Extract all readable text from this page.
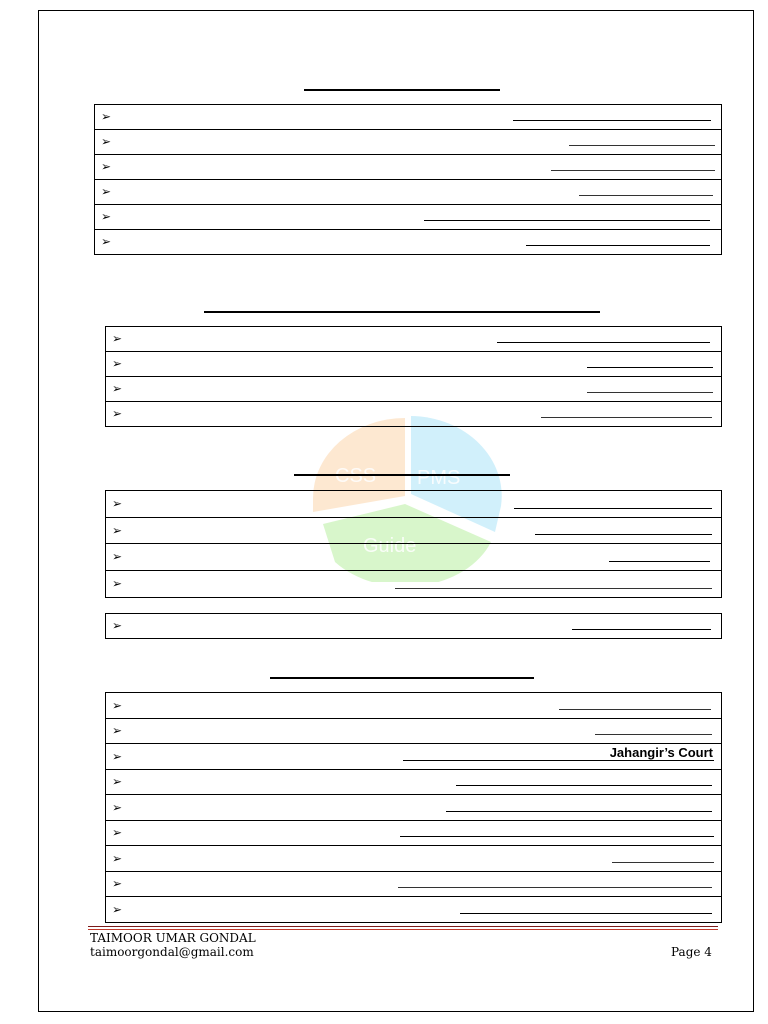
CSS PMS
Guide
➢

➢

➢

➢

➢

➢
➢

➢

➢

➢
➢

➢

➢

➢
➢
➢

➢

➢	Jahangir’s Court

➢

➢

➢

➢

➢

➢
TAIMOOR UMAR GONDAL
taimoorgondal@gmail.com	Page 4
